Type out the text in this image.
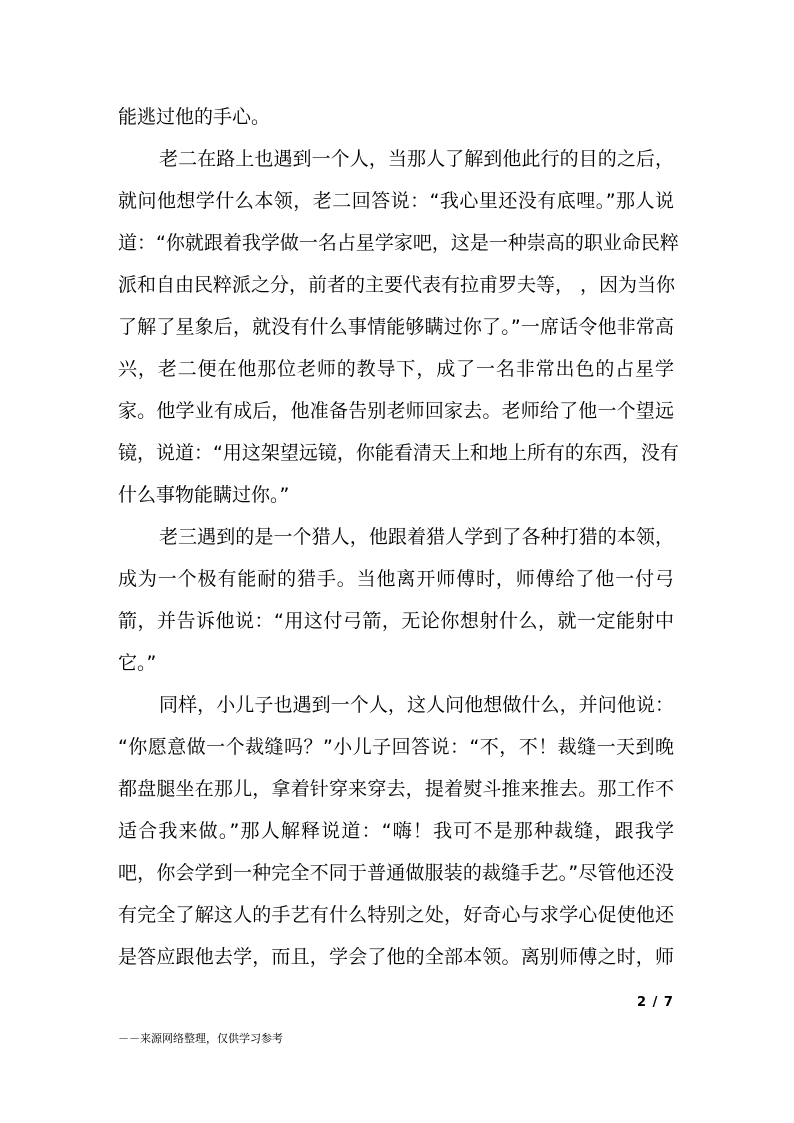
能逃过他的手心。
老二在路上也遇到一个人，当那人了解到他此行的目的之后，
就问他想学什么本领，老二回答说：“我心里还没有底哩。”那人说
道：“你就跟着我学做一名占星学家吧，这是一种崇高的职业命民粹
派和自由民粹派之分，前者的主要代表有拉甫罗夫等， ，因为当你
了解了星象后，就没有什么事情能够瞒过你了。”一席话令他非常高
兴，老二便在他那位老师的教导下，成了一名非常出色的占星学
家。他学业有成后，他准备告别老师回家去。老师给了他一个望远
镜，说道：“用这架望远镜，你能看清天上和地上所有的东西，没有
什么事物能瞒过你。”
老三遇到的是一个猎人，他跟着猎人学到了各种打猎的本领，
成为一个极有能耐的猎手。当他离开师傅时，师傅给了他一付弓
箭，并告诉他说：“用这付弓箭，无论你想射什么，就一定能射中
它。”
同样，小儿子也遇到一个人，这人问他想做什么，并问他说：
“你愿意做一个裁缝吗？”小儿子回答说：“不，不！裁缝一天到晚
都盘腿坐在那儿，拿着针穿来穿去，提着熨斗推来推去。那工作不
适合我来做。”那人解释说道：“嗨！我可不是那种裁缝，跟我学
吧，你会学到一种完全不同于普通做服装的裁缝手艺。”尽管他还没
有完全了解这人的手艺有什么特别之处，好奇心与求学心促使他还
是答应跟他去学，而且，学会了他的全部本领。离别师傅之时，师
2 / 7
－－来源网络整理，仅供学习参考
